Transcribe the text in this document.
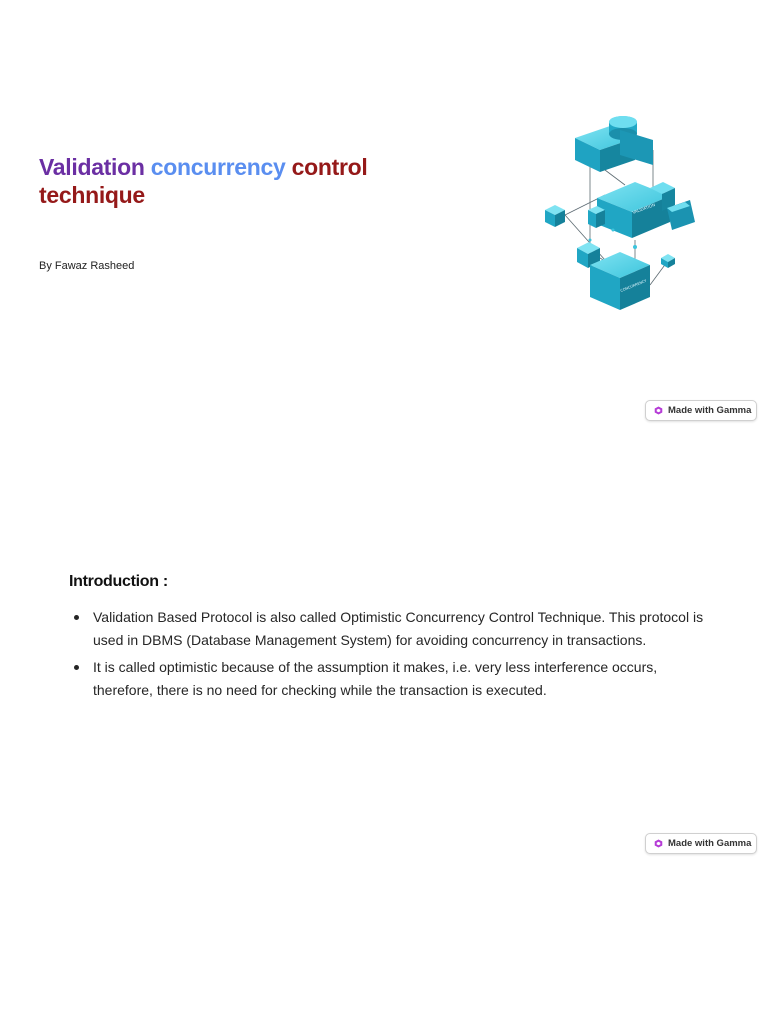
Validation concurrency control
technique
By Fawaz Rasheed
VALIDATION
CONCURRENCY
Made with Gamma
Introduction :
Validation Based Protocol is also called Optimistic Concurrency Control Technique. This protocol is used in DBMS (Database Management System) for avoiding concurrency in transactions.
It is called optimistic because of the assumption it makes, i.e. very less interference occurs, therefore, there is no need for checking while the transaction is executed.
Made with Gamma
